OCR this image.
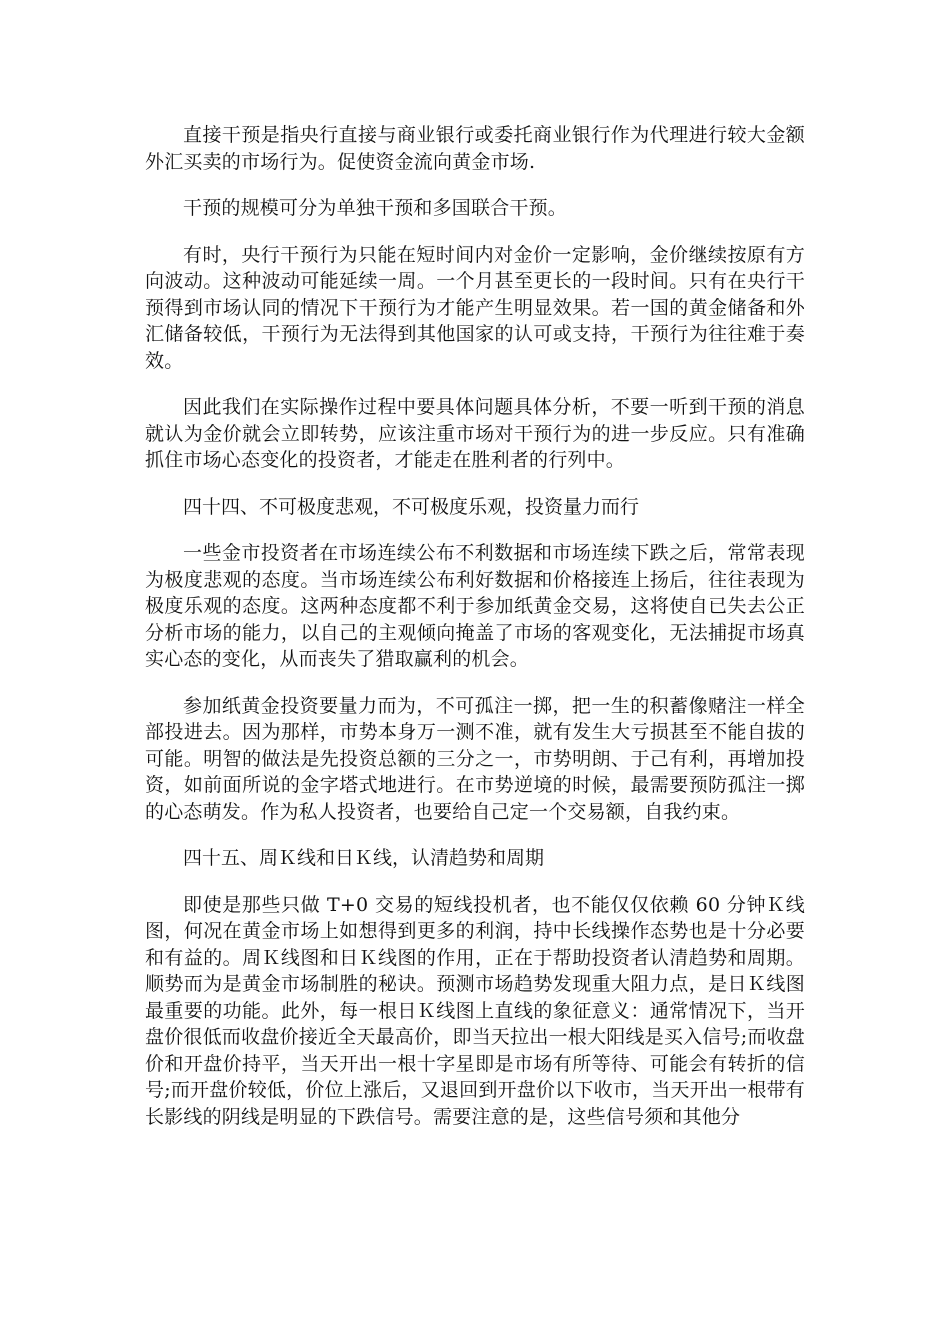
直接干预是指央行直接与商业银行或委托商业银行作为代理进行较大金额外汇买卖的市场行为。促使资金流向黄金市场.

干预的规模可分为单独干预和多国联合干预。

有时，央行干预行为只能在短时间内对金价一定影响，金价继续按原有方向波动。这种波动可能延续一周。一个月甚至更长的一段时间。只有在央行干预得到市场认同的情况下干预行为才能产生明显效果。若一国的黄金储备和外汇储备较低，干预行为无法得到其他国家的认可或支持，干预行为往往难于奏效。

因此我们在实际操作过程中要具体问题具体分析，不要一听到干预的消息就认为金价就会立即转势，应该注重市场对干预行为的进一步反应。只有准确抓住市场心态变化的投资者，才能走在胜利者的行列中。

四十四、不可极度悲观，不可极度乐观，投资量力而行

一些金市投资者在市场连续公布不利数据和市场连续下跌之后，常常表现为极度悲观的态度。当市场连续公布利好数据和价格接连上扬后，往往表现为极度乐观的态度。这两种态度都不利于参加纸黄金交易，这将使自已失去公正分析市场的能力，以自己的主观倾向掩盖了市场的客观变化，无法捕捉市场真实心态的变化，从而丧失了猎取赢利的机会。

参加纸黄金投资要量力而为，不可孤注一掷，把一生的积蓄像赌注一样全部投进去。因为那样，市势本身万一测不准，就有发生大亏损甚至不能自拔的可能。明智的做法是先投资总额的三分之一，市势明朗、于己有利，再增加投资，如前面所说的金字塔式地进行。在市势逆境的时候，最需要预防孤注一掷的心态萌发。作为私人投资者，也要给自己定一个交易额，自我约束。

四十五、周Ｋ线和日Ｋ线，认清趋势和周期

即使是那些只做 T+0 交易的短线投机者，也不能仅仅依赖 60 分钟Ｋ线图，何况在黄金市场上如想得到更多的利润，持中长线操作态势也是十分必要和有益的。周Ｋ线图和日Ｋ线图的作用，正在于帮助投资者认清趋势和周期。顺势而为是黄金市场制胜的秘诀。预测市场趋势发现重大阻力点，是日Ｋ线图最重要的功能。此外，每一根日Ｋ线图上直线的象征意义：通常情况下，当开盘价很低而收盘价接近全天最高价，即当天拉出一根大阳线是买入信号;而收盘价和开盘价持平，当天开出一根十字星即是市场有所等待、可能会有转折的信号;而开盘价较低，价位上涨后，又退回到开盘价以下收市，当天开出一根带有长影线的阴线是明显的下跌信号。需要注意的是，这些信号须和其他分
